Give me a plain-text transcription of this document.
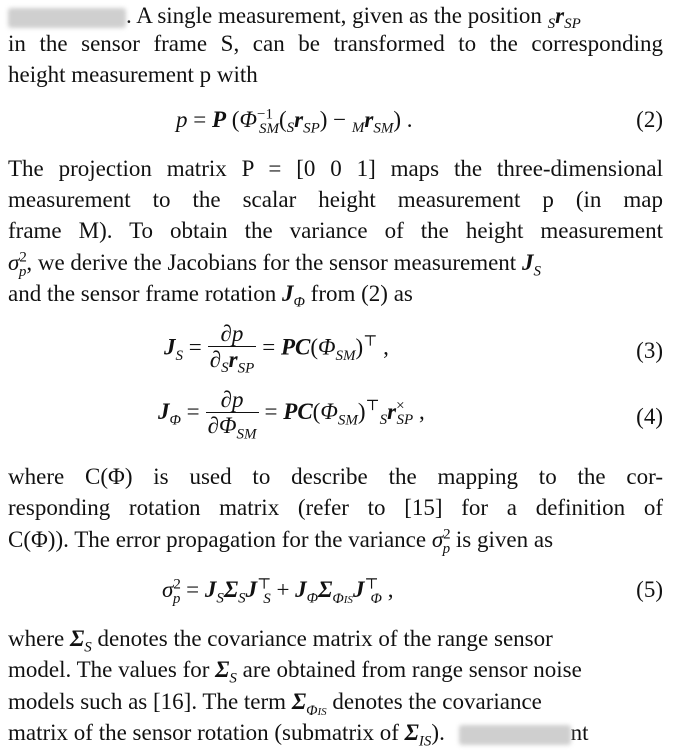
. A single measurement, given as the position $_Sr_{SP}$
in the sensor frame S, can be transformed to the corresponding
height measurement p with
p = P $(\Phi^{-1}_{SM}(_Sr_{SP}) - _Mr_{SM})$ .	(2)
The projection matrix P = [0 0 1] maps the three-dimensional
measurement to the scalar height measurement p (in map
frame M). To obtain the variance of the height measurement
$\sigma^2_p$, we derive the Jacobians for the sensor measurement $J_S$
and the sensor frame rotation $J_\Phi$ from (2) as
$J_S = \frac{\partial p}{\partial_Sr_{SP}} = PC(\Phi_{SM})^⊤$ ,	(3)
$J_\Phi = \frac{\partial p}{\partial\Phi_{SM}} = PC(\Phi_{SM})^⊤_Sr^\times_{SP}$ ,	(4)
where C(Φ) is used to describe the mapping to the cor-
responding rotation matrix (refer to [15] for a definition of
C(Φ)). The error propagation for the variance $\sigma^2_p$ is given as
$\sigma^2_p = J_S\Sigma_SJ^⊤_S + J_\Phi\Sigma_{\Phi IS}J^⊤_\Phi$ ,	(5)
where $\Sigma_S$ denotes the covariance matrix of the range sensor
model. The values for $\Sigma_S$ are obtained from range sensor noise
models such as [16]. The term $\Sigma_{\Phi IS}$ denotes the covariance
matrix of the sensor rotation (submatrix of $\Sigma_{IS}$).	nt
